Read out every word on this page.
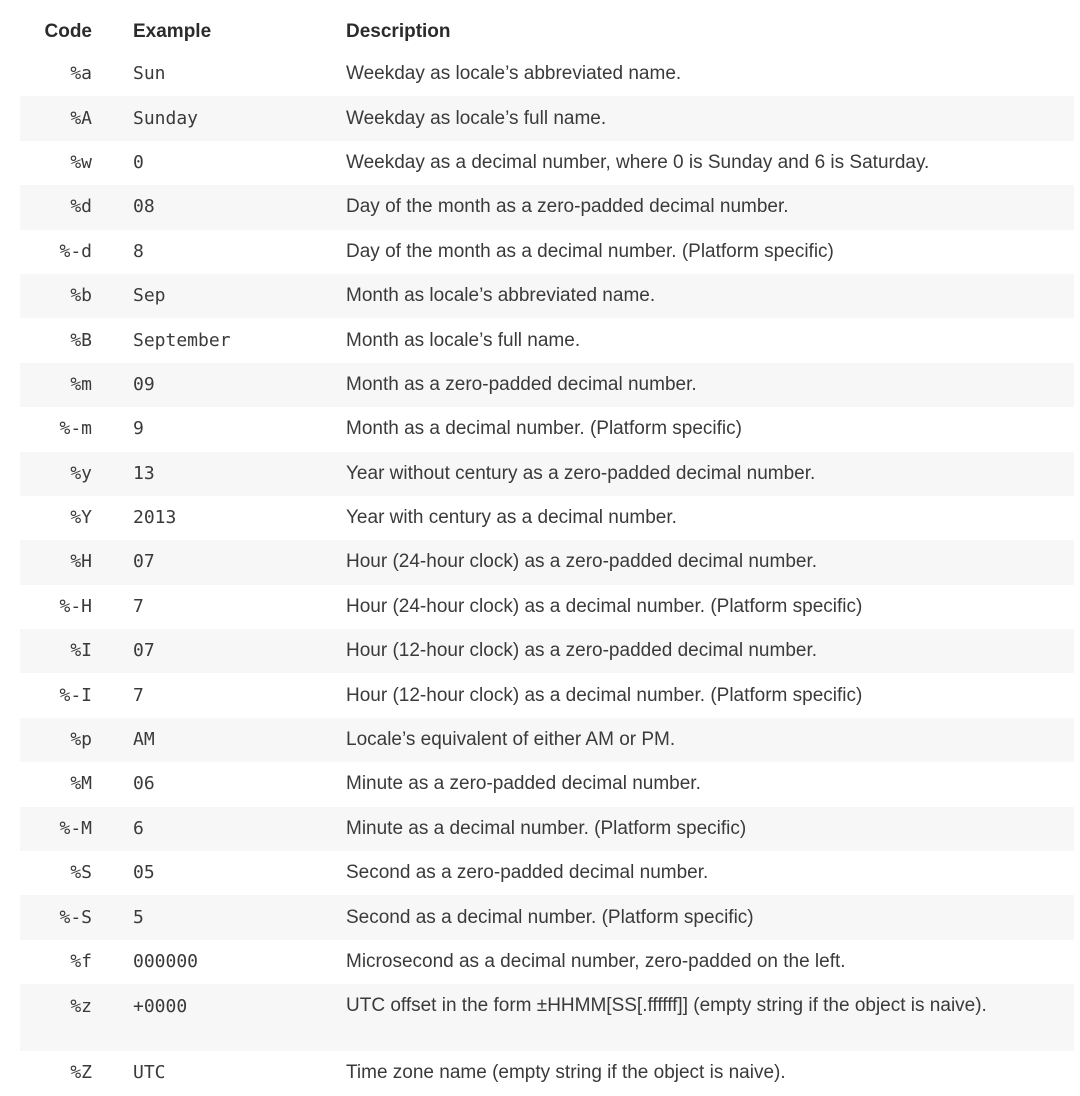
Code	Example	Description
%a	Sun	Weekday as locale’s abbreviated name.
%A	Sunday	Weekday as locale’s full name.
%w	0	Weekday as a decimal number, where 0 is Sunday and 6 is Saturday.
%d	08	Day of the month as a zero-padded decimal number.
%-d	8	Day of the month as a decimal number. (Platform specific)
%b	Sep	Month as locale’s abbreviated name.
%B	September	Month as locale’s full name.
%m	09	Month as a zero-padded decimal number.
%-m	9	Month as a decimal number. (Platform specific)
%y	13	Year without century as a zero-padded decimal number.
%Y	2013	Year with century as a decimal number.
%H	07	Hour (24-hour clock) as a zero-padded decimal number.
%-H	7	Hour (24-hour clock) as a decimal number. (Platform specific)
%I	07	Hour (12-hour clock) as a zero-padded decimal number.
%-I	7	Hour (12-hour clock) as a decimal number. (Platform specific)
%p	AM	Locale’s equivalent of either AM or PM.
%M	06	Minute as a zero-padded decimal number.
%-M	6	Minute as a decimal number. (Platform specific)
%S	05	Second as a zero-padded decimal number.
%-S	5	Second as a decimal number. (Platform specific)
%f	000000	Microsecond as a decimal number, zero-padded on the left.
%z	+0000	UTC offset in the form ±HHMM[SS[.ffffff]] (empty string if the object is naive).
%Z	UTC	Time zone name (empty string if the object is naive).
